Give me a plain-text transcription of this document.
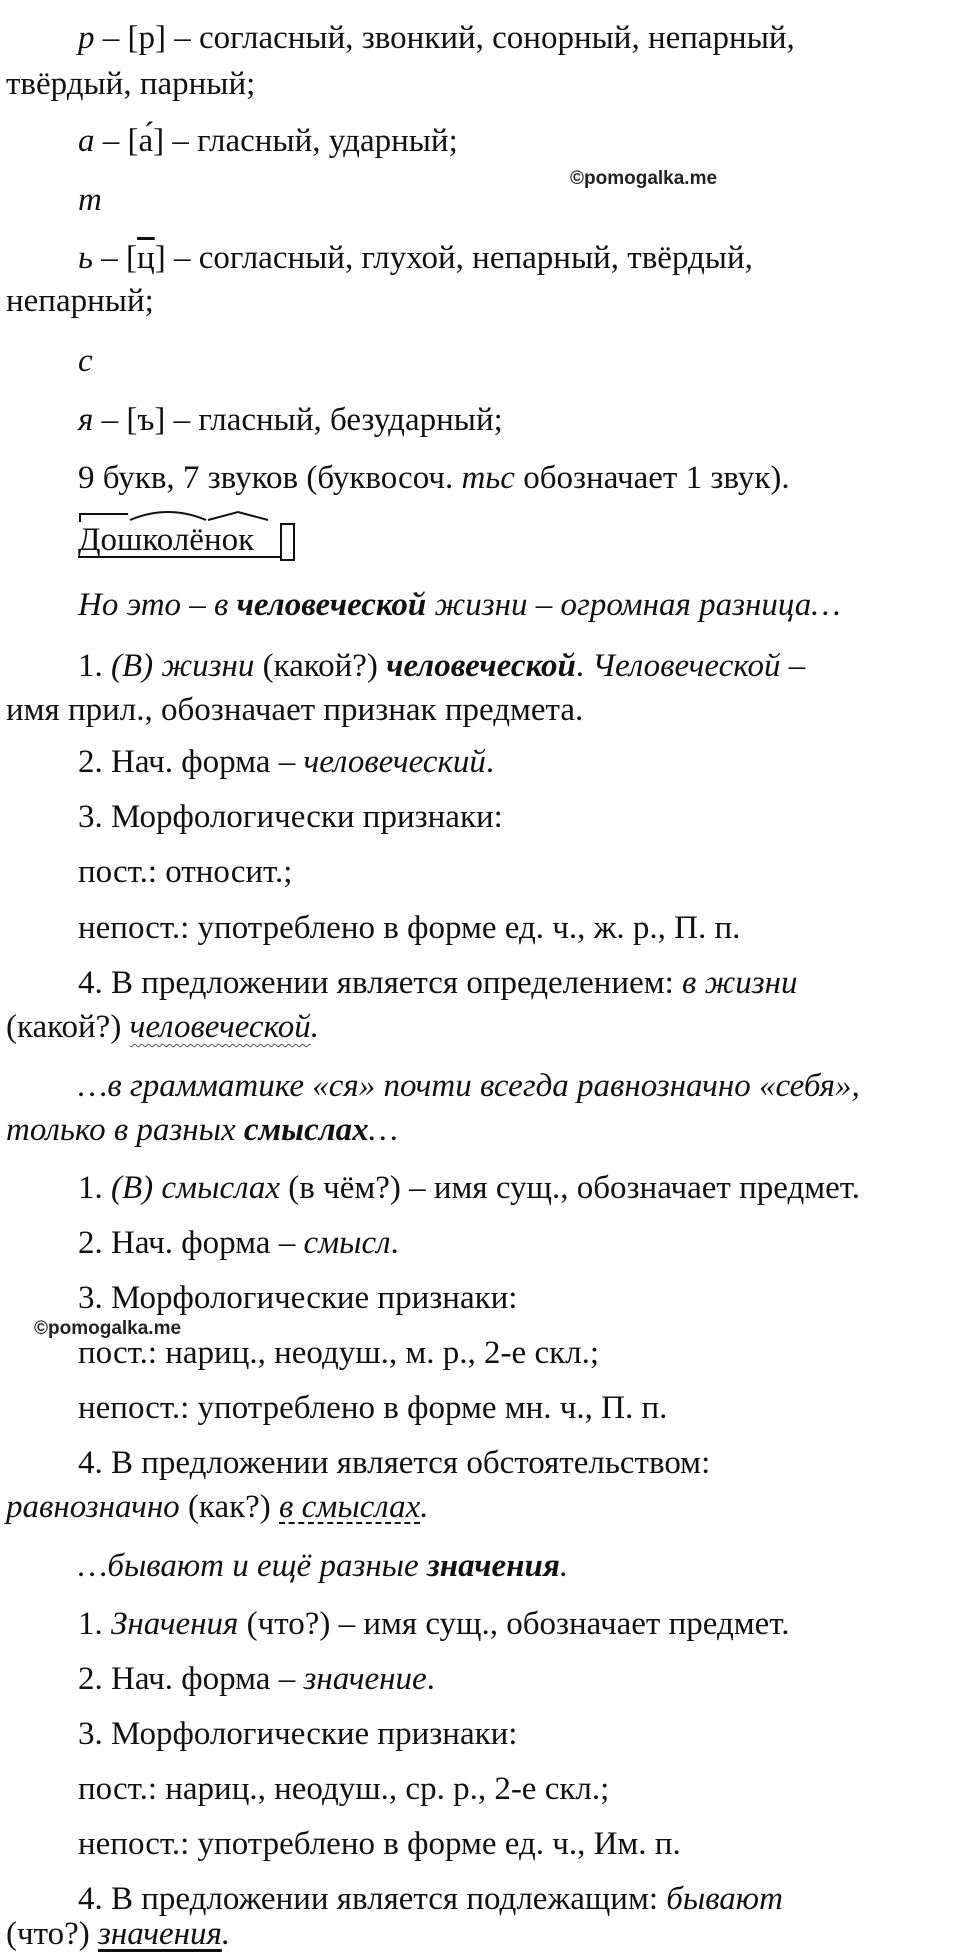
©pomogalka.me
©pomogalka.me
р – [р] – согласный, звонкий, сонорный, непарный,
твёрдый, парный;
а – [а́] – гласный, ударный;
т
ь – [ц] – согласный, глухой, непарный, твёрдый,
непарный;
с
я – [ъ] – гласный, безударный;
9 букв, 7 звуков (буквосоч. тьс обозначает 1 звук).
Дошколёнок
Но это – в человеческой жизни – огромная разница…
1. (В) жизни (какой?) человеческой. Человеческой –
имя прил., обозначает признак предмета.
2. Нач. форма – человеческий.
3. Морфологически признаки:
пост.: относит.;
непост.: употреблено в форме ед. ч., ж. р., П. п.
4. В предложении является определением: в жизни
(какой?) человеческой.
…в грамматике «ся» почти всегда равнозначно «себя»,
только в разных смыслах…
1. (В) смыслах (в чём?) – имя сущ., обозначает предмет.
2. Нач. форма – смысл.
3. Морфологические признаки:
пост.: нариц., неодуш., м. р., 2-е скл.;
непост.: употреблено в форме мн. ч., П. п.
4. В предложении является обстоятельством:
равнозначно (как?) в смыслах.
…бывают и ещё разные значения.
1. Значения (что?) – имя сущ., обозначает предмет.
2. Нач. форма – значение.
3. Морфологические признаки:
пост.: нариц., неодуш., ср. р., 2-е скл.;
непост.: употреблено в форме ед. ч., Им. п.
4. В предложении является подлежащим: бывают
(что?) значения.
